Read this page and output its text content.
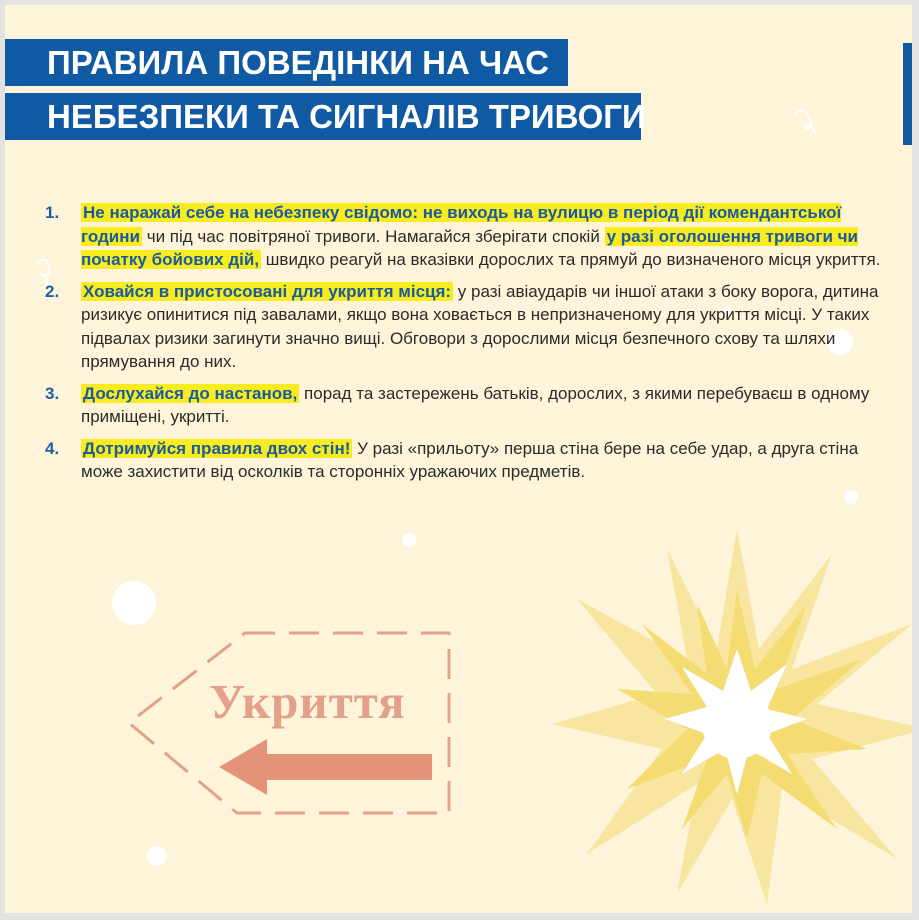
ПРАВИЛА ПОВЕДІНКИ НА ЧАС
НЕБЕЗПЕКИ ТА СИГНАЛІВ ТРИВОГИ
1. Не наражай себе на небезпеку свідомо: не виходь на вулицю в період дії комендантської години чи під час повітряної тривоги. Намагайся зберігати спокій у разі оголошення тривоги чи початку бойових дій, швидко реагуй на вказівки дорослих та прямуй до визначеного місця укриття.
2. Ховайся в пристосовані для укриття місця: у разі авіаударів чи іншої атаки з боку ворога, дитина ризикує опинитися під завалами, якщо вона ховається в непризначеному для укриття місці. У таких підвалах ризики загинути значно вищі. Обговори з дорослими місця безпечного схову та шляхи прямування до них.
3. Дослухайся до настанов, порад та застережень батьків, дорослих, з якими перебуваєш в одному приміщені, укритті.
4. Дотримуйся правила двох стін! У разі «прильоту» перша стіна бере на себе удар, а друга стіна може захистити від осколків та сторонніх уражаючих предметів.
Укриття
